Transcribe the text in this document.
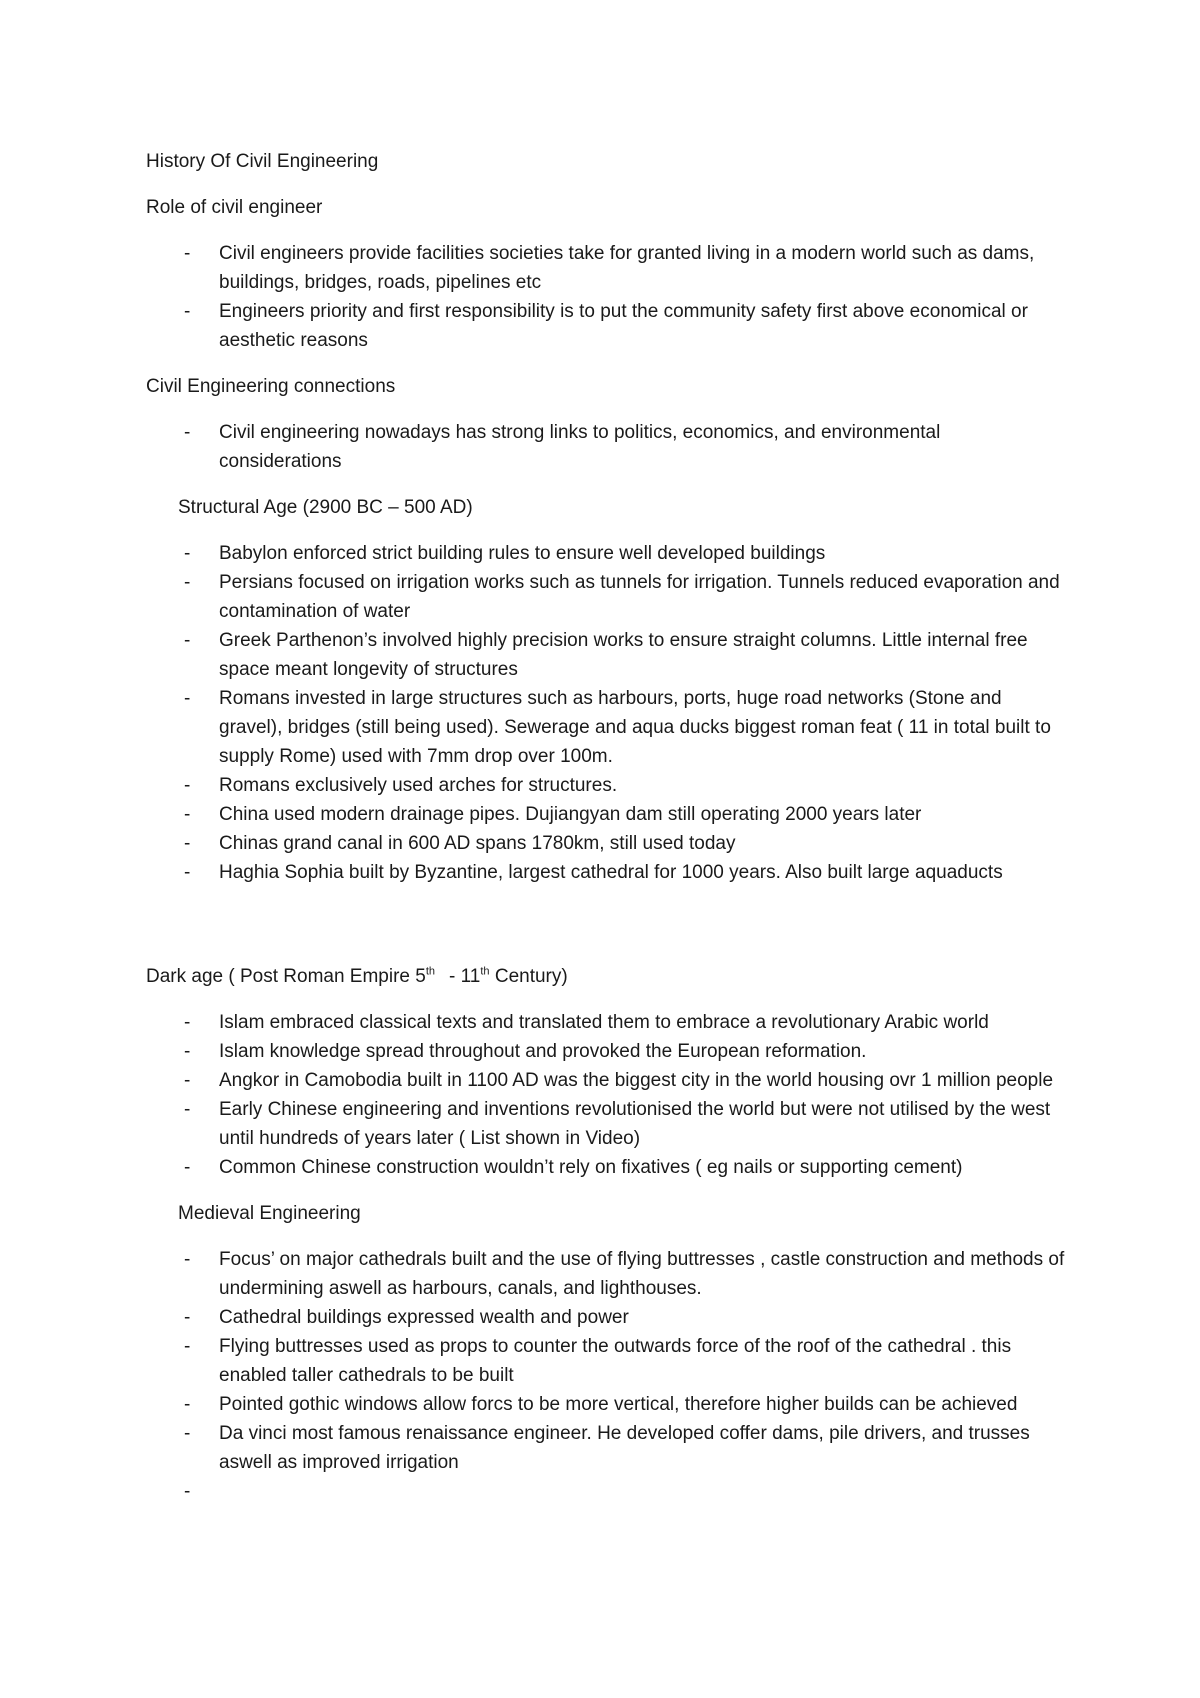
History Of Civil Engineering

Role of civil engineer

- Civil engineers provide facilities societies take for granted living in a modern world such as dams, buildings, bridges, roads, pipelines etc
- Engineers priority and first responsibility is to put the community safety first above economical or aesthetic reasons

Civil Engineering connections

- Civil engineering nowadays has strong links to politics, economics, and environmental considerations

Structural Age (2900 BC – 500 AD)

- Babylon enforced strict building rules to ensure well developed buildings
- Persians focused on irrigation works such as tunnels for irrigation. Tunnels reduced evaporation and contamination of water
- Greek Parthenon’s involved highly precision works to ensure straight columns. Little internal free space meant longevity of structures
- Romans invested in large structures such as harbours, ports, huge road networks (Stone and gravel), bridges (still being used). Sewerage and aqua ducks biggest roman feat ( 11 in total built to supply Rome) used with 7mm drop over 100m.
- Romans exclusively used arches for structures.
- China used modern drainage pipes. Dujiangyan dam still operating 2000 years later
- Chinas grand canal in 600 AD spans 1780km, still used today
- Haghia Sophia built by Byzantine, largest cathedral for 1000 years. Also built large aquaducts

Dark age ( Post Roman Empire 5th - 11th Century)

- Islam embraced classical texts and translated them to embrace a revolutionary Arabic world
- Islam knowledge spread throughout and provoked the European reformation.
- Angkor in Camobodia built in 1100 AD was the biggest city in the world housing ovr 1 million people
- Early Chinese engineering and inventions revolutionised the world but were not utilised by the west until hundreds of years later ( List shown in Video)
- Common Chinese construction wouldn’t rely on fixatives ( eg nails or supporting cement)

Medieval Engineering

- Focus’ on major cathedrals built and the use of flying buttresses , castle construction and methods of undermining aswell as harbours, canals, and lighthouses.
- Cathedral buildings expressed wealth and power
- Flying buttresses used as props to counter the outwards force of the roof of the cathedral . this enabled taller cathedrals to be built
- Pointed gothic windows allow forcs to be more vertical, therefore higher builds can be achieved
- Da vinci most famous renaissance engineer. He developed coffer dams, pile drivers, and trusses aswell as improved irrigation
-
